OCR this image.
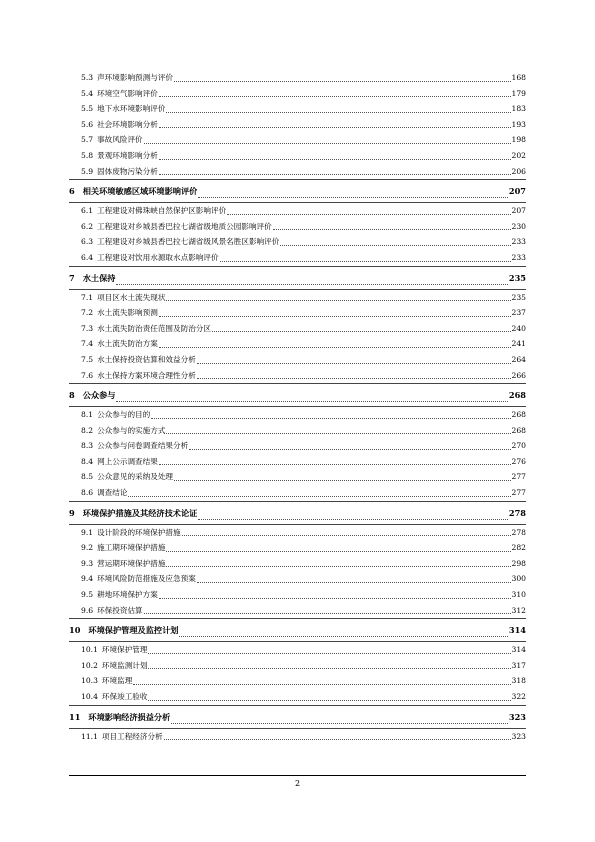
5.3 声环境影响预测与评价	168
5.4 环境空气影响评价	179
5.5 地下水环境影响评价	183
5.6 社会环境影响分析	193
5.7 事故风险评价	198
5.8 景观环境影响分析	202
5.9 固体废物污染分析	206
6 相关环境敏感区域环境影响评价	207
6.1 工程建设对佛珠峡自然保护区影响评价	207
6.2 工程建设对乡城县香巴拉七湖省级地质公园影响评价	230
6.3 工程建设对乡城县香巴拉七湖省级风景名胜区影响评价	233
6.4 工程建设对饮用水源取水点影响评价	233
7 水土保持	235
7.1 项目区水土流失现状	235
7.2 水土流失影响预测	237
7.3 水土流失防治责任范围及防治分区	240
7.4 水土流失防治方案	241
7.5 水土保持投资估算和效益分析	264
7.6 水土保持方案环境合理性分析	266
8 公众参与	268
8.1 公众参与的目的	268
8.2 公众参与的实施方式	268
8.3 公众参与问卷调查结果分析	270
8.4 网上公示调查结果	276
8.5 公众意见的采纳及处理	277
8.6 调查结论	277
9 环境保护措施及其经济技术论证	278
9.1 设计阶段的环境保护措施	278
9.2 施工期环境保护措施	282
9.3 营运期环境保护措施	298
9.4 环境风险防范措施及应急预案	300
9.5 耕地环境保护方案	310
9.6 环保投资估算	312
10 环境保护管理及监控计划	314
10.1 环境保护管理	314
10.2 环境监测计划	317
10.3 环境监理	318
10.4 环保竣工验收	322
11 环境影响经济损益分析	323
11.1 项目工程经济分析	323
2
